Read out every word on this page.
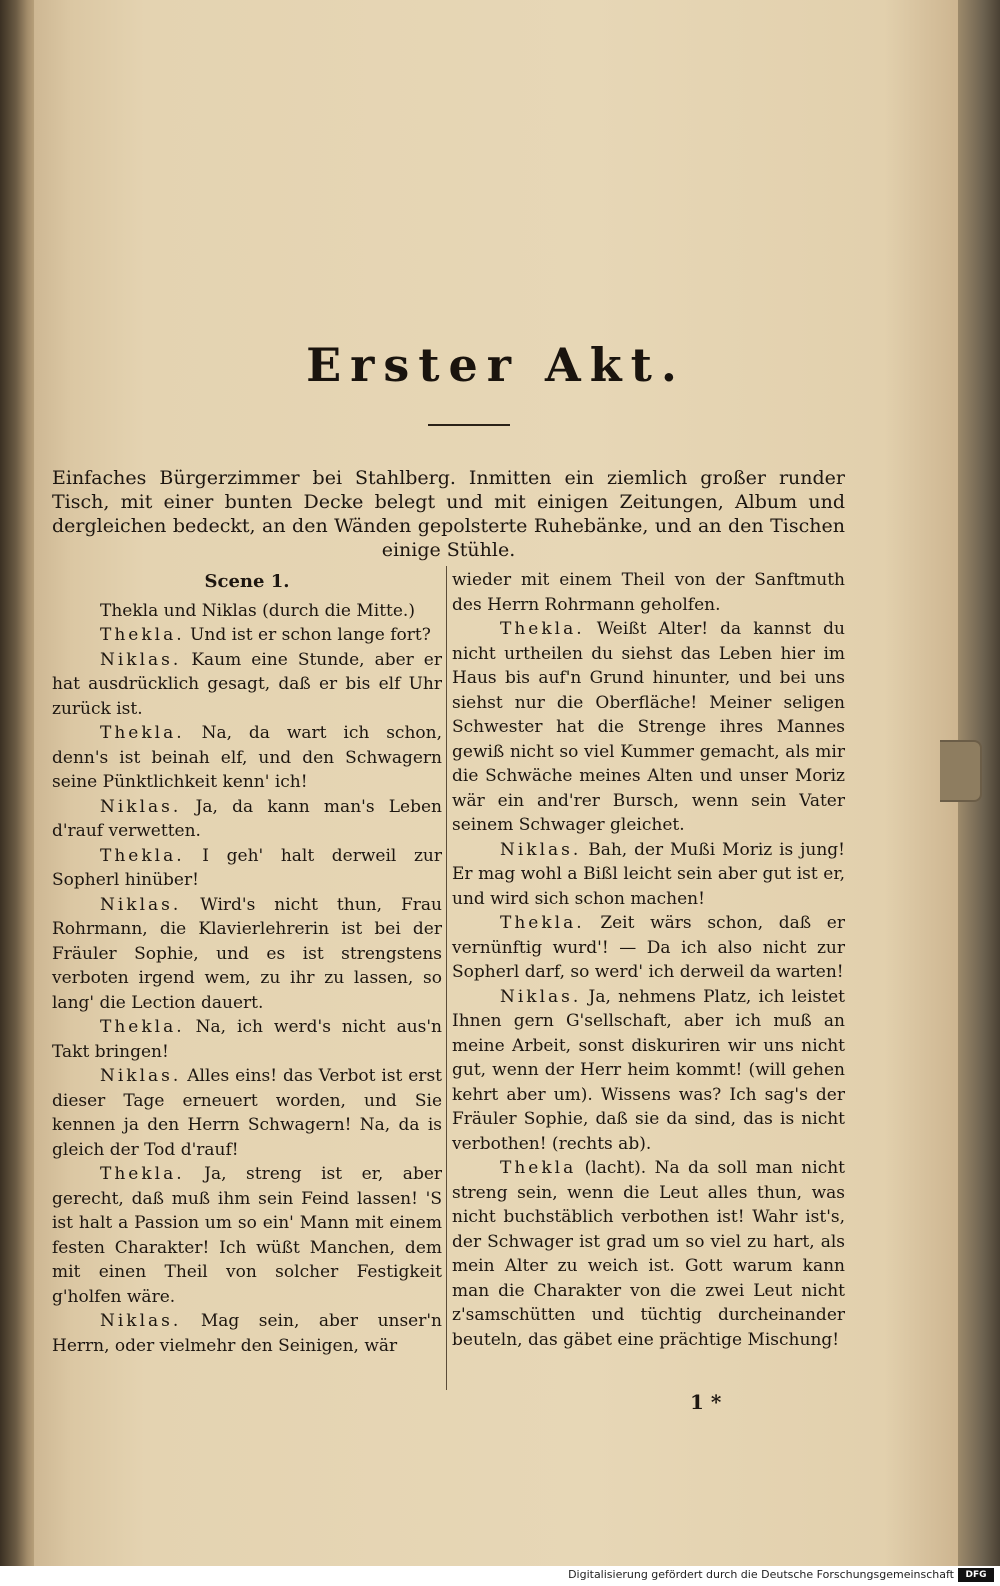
Erster Akt.
Einfaches Bürgerzimmer bei Stahlberg. Inmitten ein ziemlich großer runder Tisch, mit einer bunten Decke belegt und mit einigen Zeitungen, Album und dergleichen bedeckt, an den Wänden gepolsterte Ruhebänke, und an den Tischen einige Stühle.
Scene 1.

Thekla und Niklas (durch die Mitte.)

Thekla. Und ist er schon lange fort?

Niklas. Kaum eine Stunde, aber er hat ausdrücklich gesagt, daß er bis elf Uhr zurück ist.

Thekla. Na, da wart ich schon, denn's ist beinah elf, und den Schwagern seine Pünktlichkeit kenn' ich!

Niklas. Ja, da kann man's Leben d'rauf verwetten.

Thekla. I geh' halt derweil zur Sopherl hinüber!

Niklas. Wird's nicht thun, Frau Rohrmann, die Klavierlehrerin ist bei der Fräuler Sophie, und es ist strengstens verboten irgend wem, zu ihr zu lassen, so lang' die Lection dauert.

Thekla. Na, ich werd's nicht aus'n Takt bringen!

Niklas. Alles eins! das Verbot ist erst dieser Tage erneuert worden, und Sie kennen ja den Herrn Schwagern! Na, da is gleich der Tod d'rauf!

Thekla. Ja, streng ist er, aber gerecht, daß muß ihm sein Feind lassen! 'S ist halt a Passion um so ein' Mann mit einem festen Charakter! Ich wüßt Manchen, dem mit einen Theil von solcher Festigkeit g'holfen wäre.

Niklas. Mag sein, aber unser'n Herrn, oder vielmehr den Seinigen, wär

wieder mit einem Theil von der Sanftmuth des Herrn Rohrmann geholfen.

Thekla. Weißt Alter! da kannst du nicht urtheilen du siehst das Leben hier im Haus bis auf'n Grund hinunter, und bei uns siehst nur die Oberfläche! Meiner seligen Schwester hat die Strenge ihres Mannes gewiß nicht so viel Kummer gemacht, als mir die Schwäche meines Alten und unser Moriz wär ein and'rer Bursch, wenn sein Vater seinem Schwager gleichet.

Niklas. Bah, der Mußi Moriz is jung! Er mag wohl a Bißl leicht sein aber gut ist er, und wird sich schon machen!

Thekla. Zeit wärs schon, daß er vernünftig wurd'! — Da ich also nicht zur Sopherl darf, so werd' ich derweil da warten!

Niklas. Ja, nehmens Platz, ich leistet Ihnen gern G'sellschaft, aber ich muß an meine Arbeit, sonst diskuriren wir uns nicht gut, wenn der Herr heim kommt! (will gehen kehrt aber um). Wissens was? Ich sag's der Fräuler Sophie, daß sie da sind, das is nicht verbothen! (rechts ab).

Thekla (lacht). Na da soll man nicht streng sein, wenn die Leut alles thun, was nicht buchstäblich verbothen ist! Wahr ist's, der Schwager ist grad um so viel zu hart, als mein Alter zu weich ist. Gott warum kann man die Charakter von die zwei Leut nicht z'samschütten und tüchtig durcheinander beuteln, das gäbet eine prächtige Mischung!

1 *
Digitalisierung gefördert durch die Deutsche Forschungsgemeinschaft	DFG
